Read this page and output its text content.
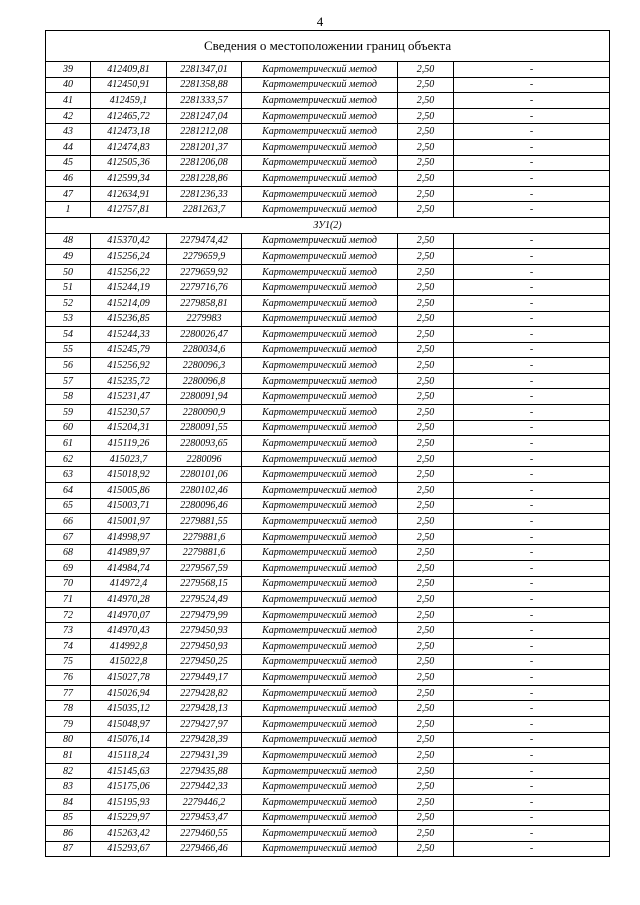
4
Сведения о местоположении границ объекта					
39	412409,81	2281347,01	Картометрический метод	2,50	-
40	412450,91	2281358,88	Картометрический метод	2,50	-
41	412459,1	2281333,57	Картометрический метод	2,50	-
42	412465,72	2281247,04	Картометрический метод	2,50	-
43	412473,18	2281212,08	Картометрический метод	2,50	-
44	412474,83	2281201,37	Картометрический метод	2,50	-
45	412505,36	2281206,08	Картометрический метод	2,50	-
46	412599,34	2281228,86	Картометрический метод	2,50	-
47	412634,91	2281236,33	Картометрический метод	2,50	-
1	412757,81	2281263,7	Картометрический метод	2,50	-
ЗУ1(2)					
48	415370,42	2279474,42	Картометрический метод	2,50	-
49	415256,24	2279659,9	Картометрический метод	2,50	-
50	415256,22	2279659,92	Картометрический метод	2,50	-
51	415244,19	2279716,76	Картометрический метод	2,50	-
52	415214,09	2279858,81	Картометрический метод	2,50	-
53	415236,85	2279983	Картометрический метод	2,50	-
54	415244,33	2280026,47	Картометрический метод	2,50	-
55	415245,79	2280034,6	Картометрический метод	2,50	-
56	415256,92	2280096,3	Картометрический метод	2,50	-
57	415235,72	2280096,8	Картометрический метод	2,50	-
58	415231,47	2280091,94	Картометрический метод	2,50	-
59	415230,57	2280090,9	Картометрический метод	2,50	-
60	415204,31	2280091,55	Картометрический метод	2,50	-
61	415119,26	2280093,65	Картометрический метод	2,50	-
62	415023,7	2280096	Картометрический метод	2,50	-
63	415018,92	2280101,06	Картометрический метод	2,50	-
64	415005,86	2280102,46	Картометрический метод	2,50	-
65	415003,71	2280096,46	Картометрический метод	2,50	-
66	415001,97	2279881,55	Картометрический метод	2,50	-
67	414998,97	2279881,6	Картометрический метод	2,50	-
68	414989,97	2279881,6	Картометрический метод	2,50	-
69	414984,74	2279567,59	Картометрический метод	2,50	-
70	414972,4	2279568,15	Картометрический метод	2,50	-
71	414970,28	2279524,49	Картометрический метод	2,50	-
72	414970,07	2279479,99	Картометрический метод	2,50	-
73	414970,43	2279450,93	Картометрический метод	2,50	-
74	414992,8	2279450,93	Картометрический метод	2,50	-
75	415022,8	2279450,25	Картометрический метод	2,50	-
76	415027,78	2279449,17	Картометрический метод	2,50	-
77	415026,94	2279428,82	Картометрический метод	2,50	-
78	415035,12	2279428,13	Картометрический метод	2,50	-
79	415048,97	2279427,97	Картометрический метод	2,50	-
80	415076,14	2279428,39	Картометрический метод	2,50	-
81	415118,24	2279431,39	Картометрический метод	2,50	-
82	415145,63	2279435,88	Картометрический метод	2,50	-
83	415175,06	2279442,33	Картометрический метод	2,50	-
84	415195,93	2279446,2	Картометрический метод	2,50	-
85	415229,97	2279453,47	Картометрический метод	2,50	-
86	415263,42	2279460,55	Картометрический метод	2,50	-
87	415293,67	2279466,46	Картометрический метод	2,50	-
